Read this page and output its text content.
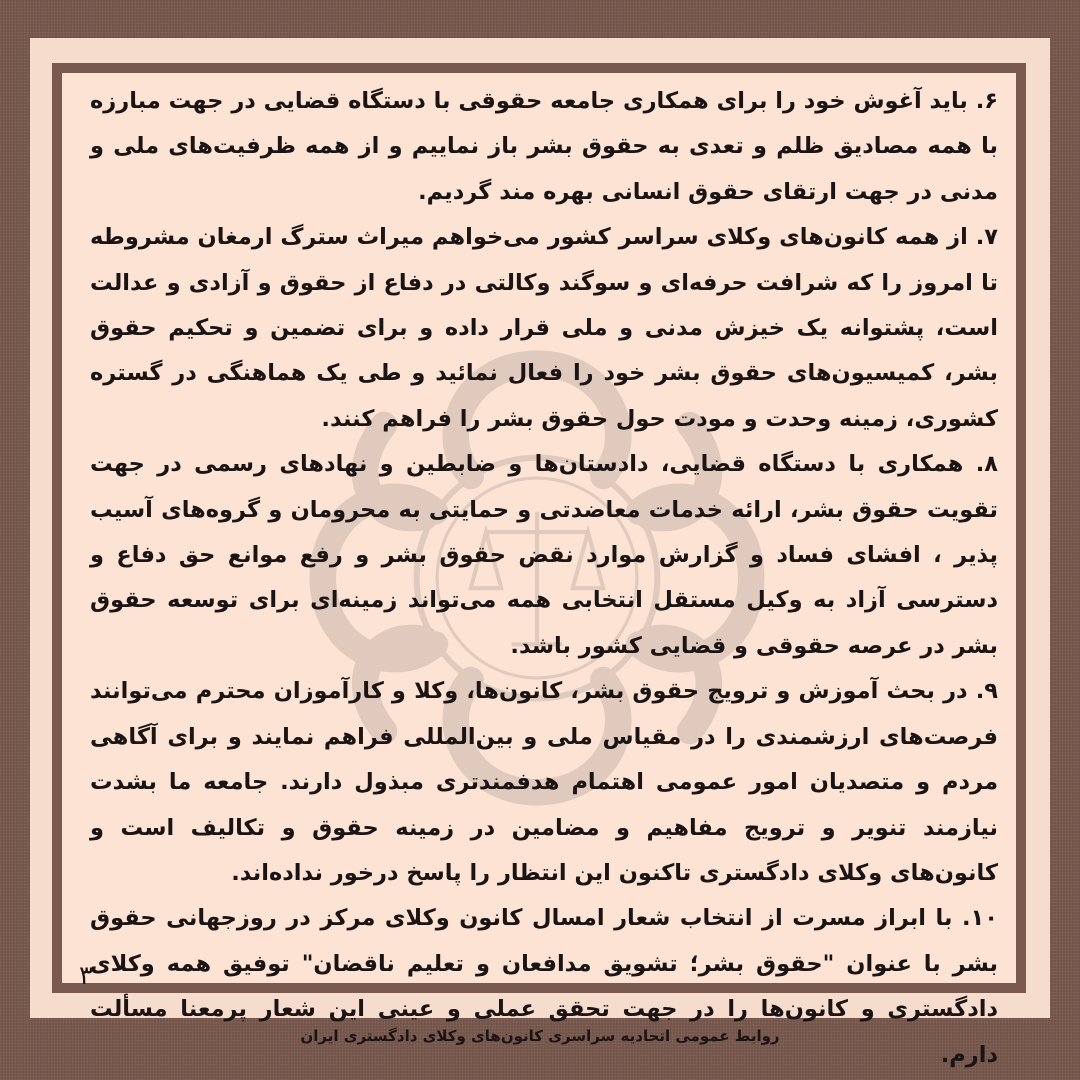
۶. باید آغوش خود را برای همکاری جامعه حقوقی با دستگاه قضایی در جهت مبارزه با همه مصادیق ظلم و تعدی به حقوق بشر باز نماییم و از همه ظرفیت‌های ملی و مدنی در جهت ارتقای حقوق انسانی بهره مند گردیم.

۷. از همه کانون‌های وکلای سراسر کشور می‌خواهم میراث سترگ ارمغان مشروطه تا امروز را که شرافت حرفه‌ای و سوگند وکالتی در دفاع از حقوق و آزادی و عدالت است، پشتوانه یک خیزش مدنی و ملی قرار داده و برای تضمین و تحکیم حقوق بشر، کمیسیون‌های حقوق بشر خود را فعال نمائید و طی یک هماهنگی در گستره کشوری، زمینه وحدت و مودت حول حقوق بشر را فراهم کنند.

۸. همکاری با دستگاه قضایی، دادستان‌ها و ضابطین و نهادهای رسمی در جهت تقویت حقوق بشر، ارائه خدمات معاضدتی و حمایتی به محرومان و گروه‌های آسیب پذیر ، افشای فساد و گزارش موارد نقض حقوق بشر و رفع موانع حق دفاع و دسترسی آزاد به وکیل مستقل انتخابی همه می‌تواند زمینه‌ای برای توسعه حقوق بشر در عرصه حقوقی و قضایی کشور باشد.

۹. در بحث آموزش و ترویج حقوق بشر، کانون‌ها، وکلا و کارآموزان محترم می‌توانند فرصت‌های ارزشمندی را در مقیاس ملی و بین‌المللی فراهم نمایند و برای آگاهی مردم و متصدیان امور عمومی اهتمام هدفمندتری مبذول دارند. جامعه ما بشدت نیازمند تنویر و ترویج مفاهیم و مضامین در زمینه حقوق و تکالیف است و کانون‌های وکلای دادگستری تاکنون این انتظار را پاسخ درخور نداده‌اند.

۱۰. با ابراز مسرت از انتخاب شعار امسال کانون وکلای مرکز در روزجهانی حقوق بشر با عنوان "حقوق بشر؛ تشویق مدافعان و تعلیم ناقضان" توفیق همه وکلای دادگستری و کانون‌ها را در جهت تحقق عملی و عینی این شعار پرمعنا مسألت دارم.

۳
روابط عمومی اتحادیه سراسری کانون‌های وکلای دادگستری ایران
